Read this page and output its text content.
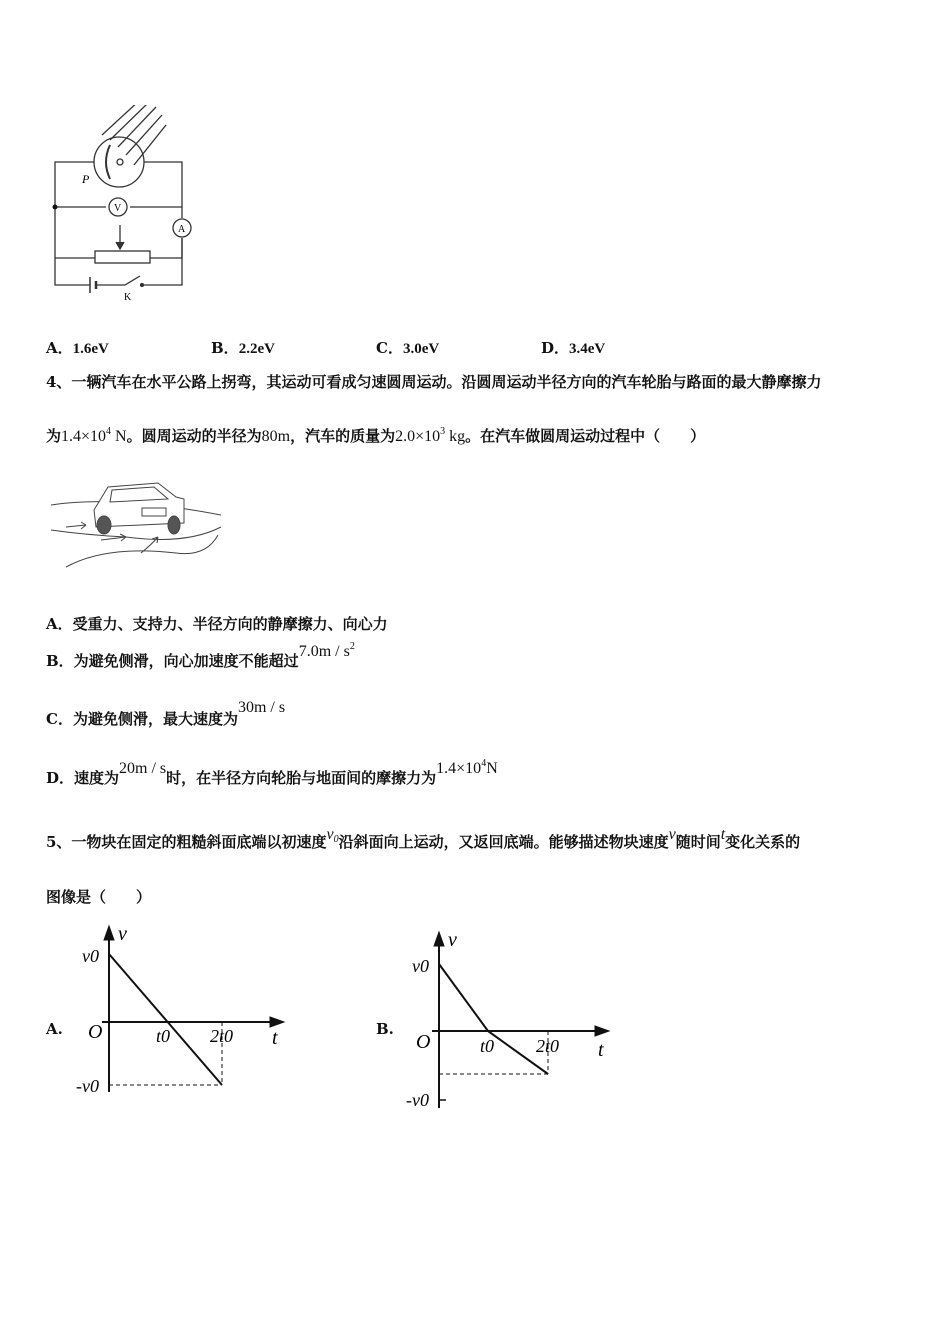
P
V
A
K
A．1.6eV	B．2.2eV	C．3.0eV	D．3.4eV
4、一辆汽车在水平公路上拐弯，其运动可看成匀速圆周运动。沿圆周运动半径方向的汽车轮胎与路面的最大静摩擦力
为$1.4\times 10^4$ N。圆周运动的半径为80m，汽车的质量为$2.0\times 10^3$ kg。在汽车做圆周运动过程中（　　）
A．受重力、支持力、半径方向的静摩擦力、向心力
B．为避免侧滑，向心加速度不能超过$7.0m / s^2$
C．为避免侧滑，最大速度为30m / s
D．速度为20m / s时，在半径方向轮胎与地面间的摩擦力为$1.4\times 10^4N$
5、一物块在固定的粗糙斜面底端以初速度v0沿斜面向上运动，又返回底端。能够描述物块速度v随时间t变化关系的
图像是（　　）
A.
v
t
O
v0
-v0
t0 2t0	B.
v
t
O
v0
-v0
t0 2t0
